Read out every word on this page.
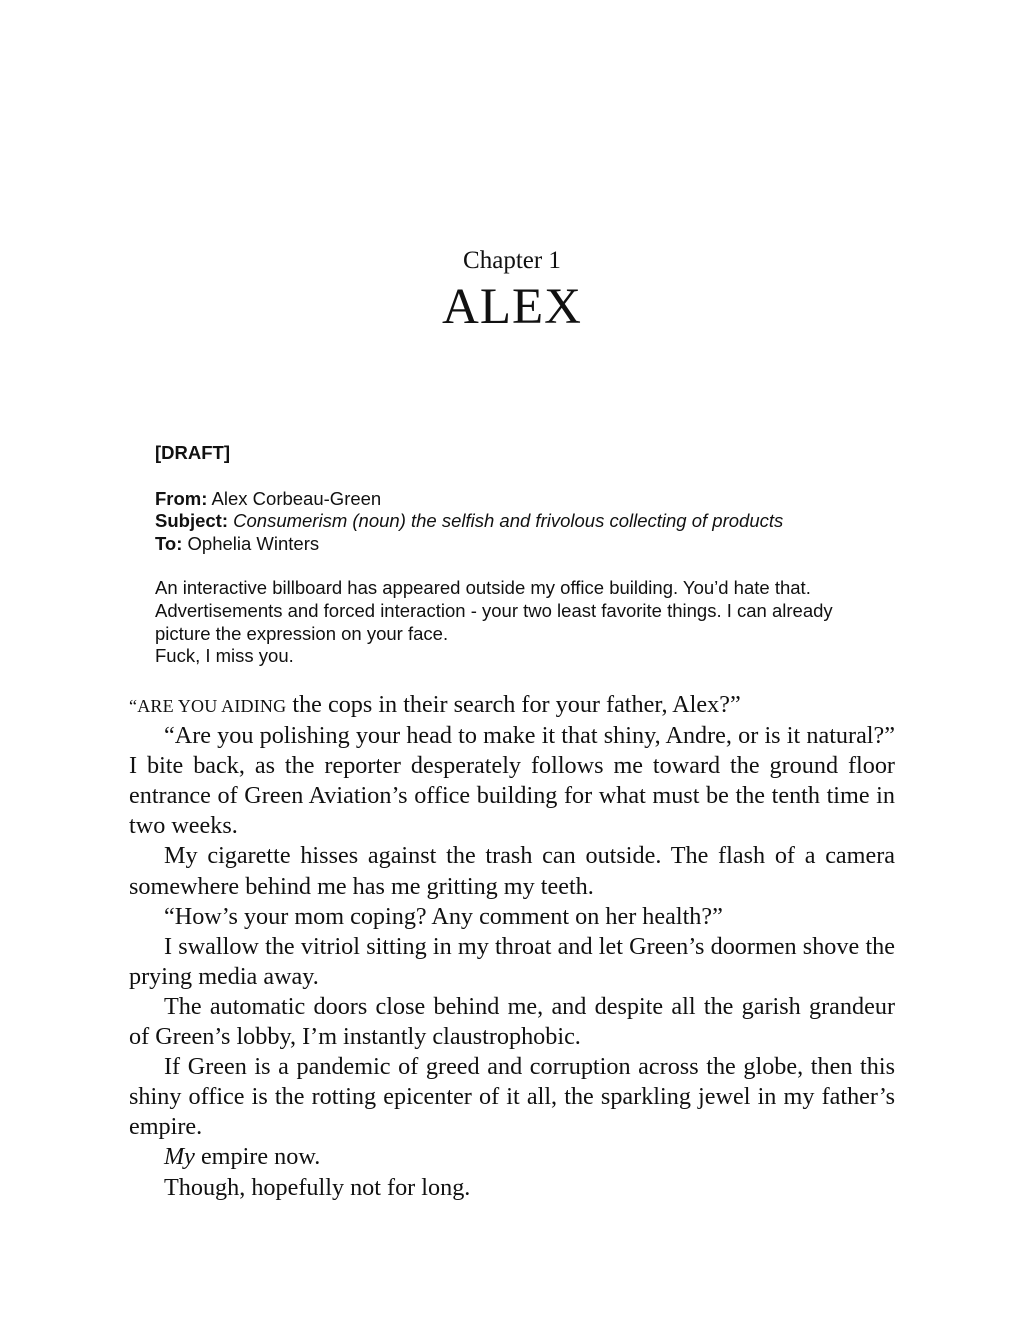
Chapter 1
ALEX
[DRAFT]
From: Alex Corbeau-Green
Subject: Consumerism (noun) the selfish and frivolous collecting of products
To: Ophelia Winters
An interactive billboard has appeared outside my office building. You’d hate that.
Advertisements and forced interaction - your two least favorite things. I can already
picture the expression on your face.
Fuck, I miss you.

“ARE YOU AIDING the cops in their search for your father, Alex?”

“Are you polishing your head to make it that shiny, Andre, or is it natural?” I bite back, as the reporter desperately follows me toward the ground floor entrance of Green Aviation’s office building for what must be the tenth time in two weeks.

My cigarette hisses against the trash can outside. The flash of a camera somewhere behind me has me gritting my teeth.

“How’s your mom coping? Any comment on her health?”

I swallow the vitriol sitting in my throat and let Green’s doormen shove the prying media away.

The automatic doors close behind me, and despite all the garish grandeur of Green’s lobby, I’m instantly claustrophobic.

If Green is a pandemic of greed and corruption across the globe, then this shiny office is the rotting epicenter of it all, the sparkling jewel in my father’s empire.

My empire now.

Though, hopefully not for long.
